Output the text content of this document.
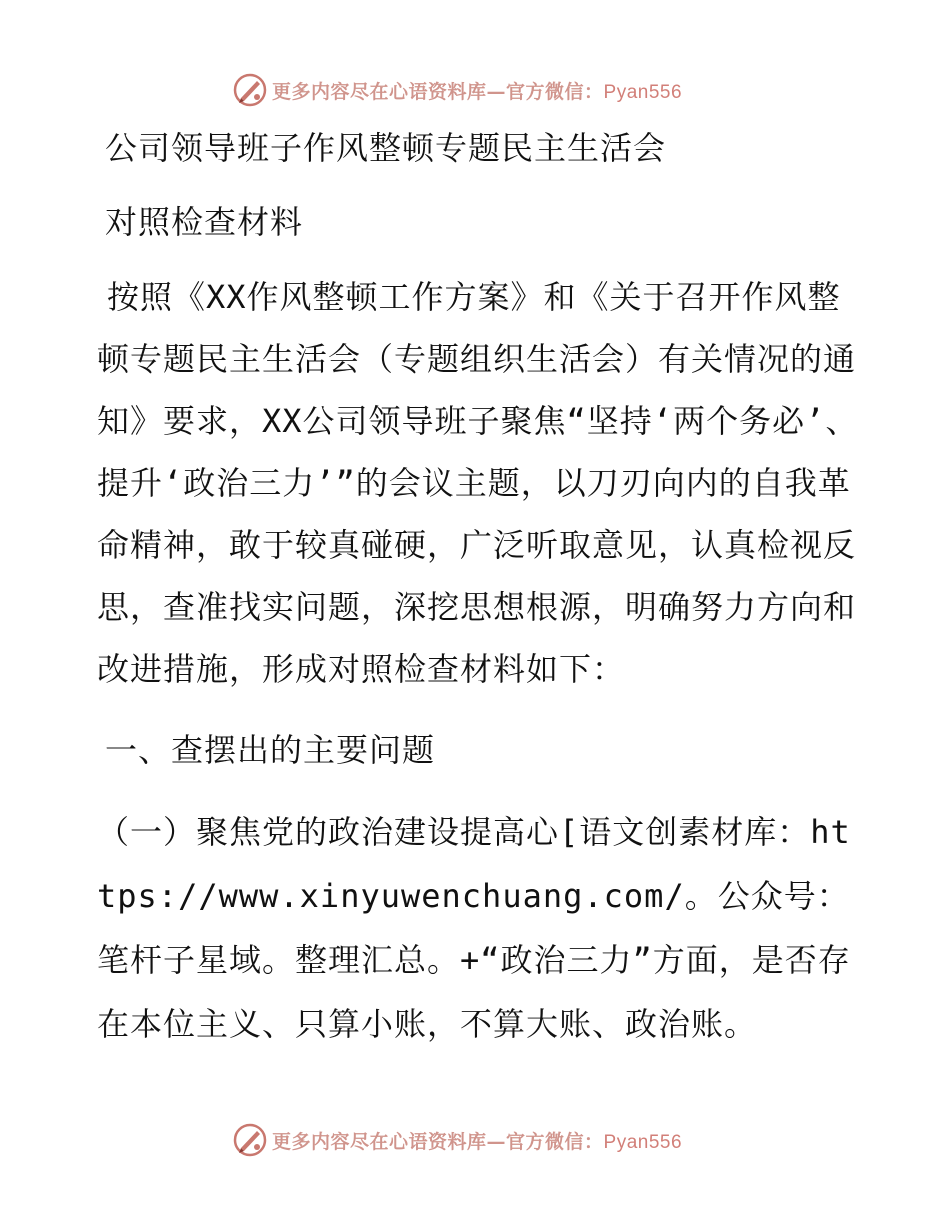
更多内容尽在心语资料库—官方微信：Pyan556

公司领导班子作风整顿专题民主生活会

对照检查材料

按照《XX作风整顿工作方案》和《关于召开作风整顿专题民主生活会（专题组织生活会）有关情况的通知》要求，XX公司领导班子聚焦“坚持‘两个务必’、提升‘政治三力’”的会议主题，以刀刃向内的自我革命精神，敢于较真碰硬，广泛听取意见，认真检视反思，查准找实问题，深挖思想根源，明确努力方向和改进措施，形成对照检查材料如下：

一、查摆出的主要问题

（一）聚焦党的政治建设提高心[语文创素材库：https://www.xinyuwenchuang.com/。公众号：笔杆子星域。整理汇总。+“政治三力”方面，是否存在本位主义、只算小账，不算大账、政治账。

更多内容尽在心语资料库—官方微信：Pyan556
